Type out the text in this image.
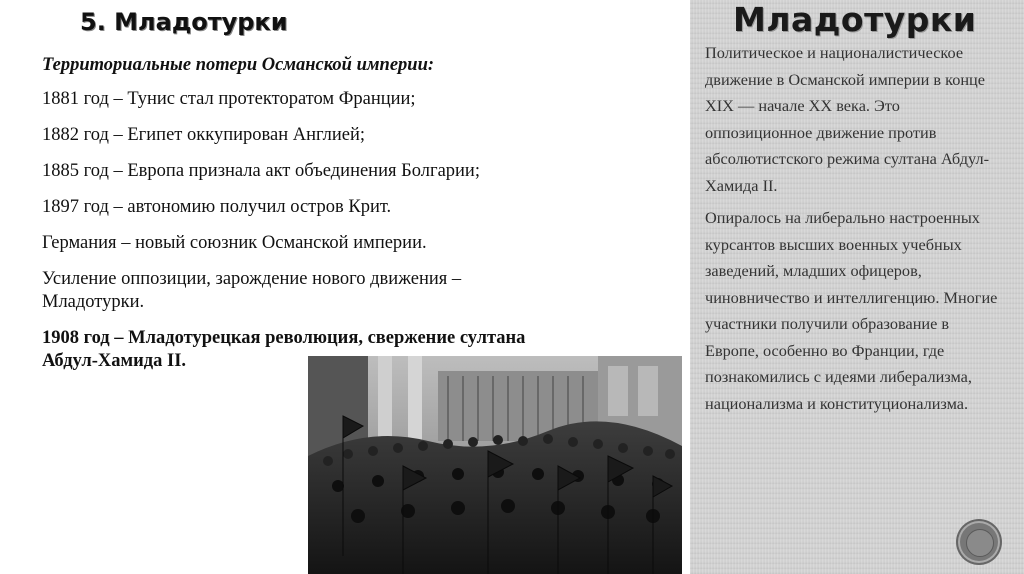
5. Младотурки

Территориальные потери Османской империи:

1881 год – Тунис стал протекторатом Франции;

1882 год – Египет оккупирован Англией;

1885 год – Европа признала акт объединения Болгарии;

1897 год – автономию получил остров Крит.

Германия – новый союзник Османской империи.

Усиление оппозиции, зарождение нового движения – Младотурки.

1908 год – Младотурецкая революция, свержение султана Абдул-Хамида II.

Младотурки

Политическое и националистическое движение в Османской империи в конце XIX — начале XX века. Это оппозиционное движение против абсолютистского режима султана Абдул-Хамида II.

Опиралось на либерально настроенных курсантов высших военных учебных заведений, младших офицеров, чиновничество и интеллигенцию. Многие участники получили образование в Европе, особенно во Франции, где познакомились с идеями либерализма, национализма и конституционализма.
